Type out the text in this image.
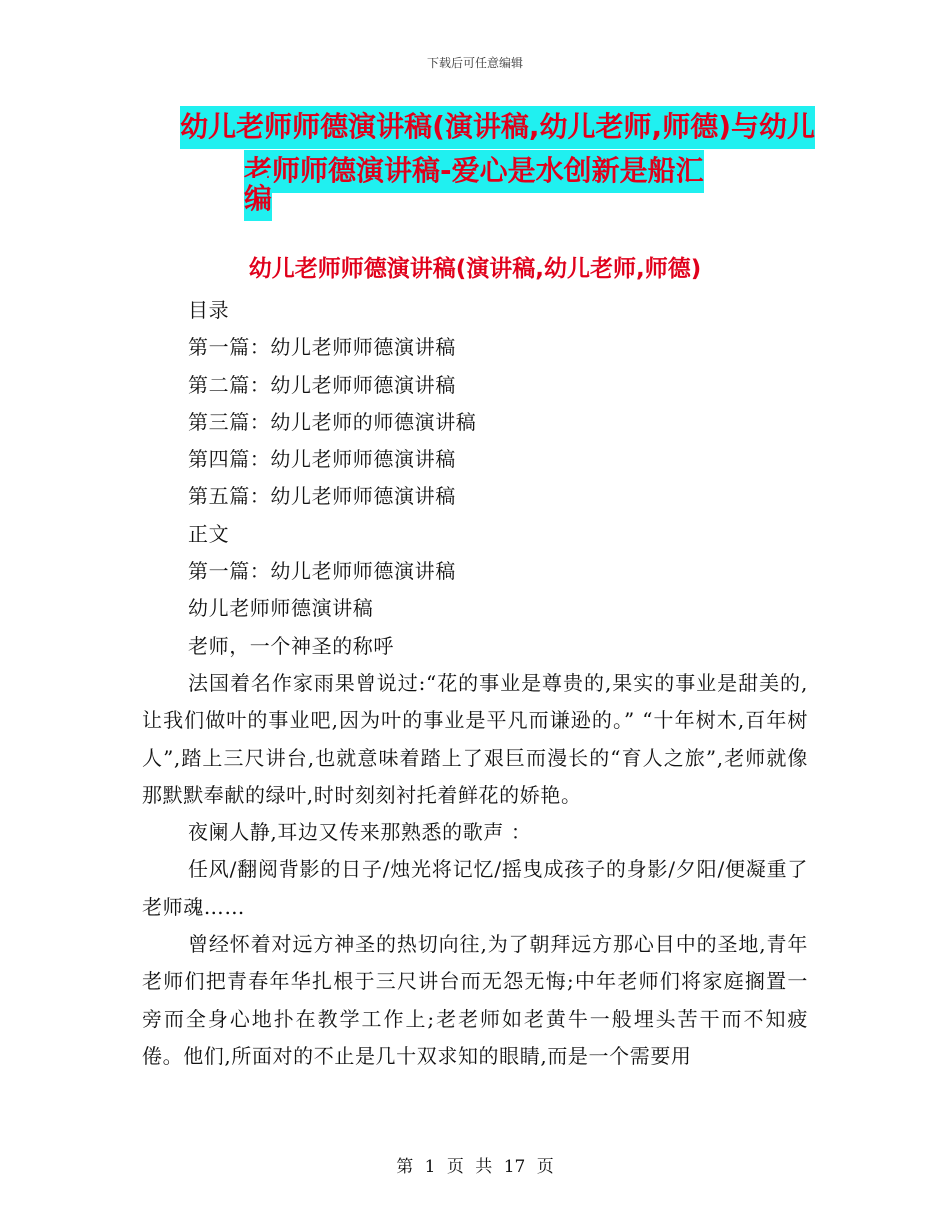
下载后可任意编辑
幼儿老师师德演讲稿(演讲稿,幼儿老师,师德)与幼儿
老师师德演讲稿-爱心是水创新是船汇编
幼儿老师师德演讲稿(演讲稿,幼儿老师,师德)
目录
第一篇：幼儿老师师德演讲稿
第二篇：幼儿老师师德演讲稿
第三篇：幼儿老师的师德演讲稿
第四篇：幼儿老师师德演讲稿
第五篇：幼儿老师师德演讲稿
正文
第一篇：幼儿老师师德演讲稿
幼儿老师师德演讲稿
老师，一个神圣的称呼

法国着名作家雨果曾说过:“花的事业是尊贵的,果实的事业是甜美的,让我们做叶的事业吧,因为叶的事业是平凡而谦逊的。” “十年树木,百年树人”,踏上三尺讲台,也就意味着踏上了艰巨而漫长的“育人之旅”,老师就像那默默奉献的绿叶,时时刻刻衬托着鲜花的娇艳。

夜阑人静,耳边又传来那熟悉的歌声 ：

任风/翻阅背影的日子/烛光将记忆/摇曳成孩子的身影/夕阳/便凝重了老师魂……

曾经怀着对远方神圣的热切向往,为了朝拜远方那心目中的圣地,青年老师们把青春年华扎根于三尺讲台而无怨无悔;中年老师们将家庭搁置一旁而全身心地扑在教学工作上;老老师如老黄牛一般埋头苦干而不知疲倦。他们,所面对的不止是几十双求知的眼睛,而是一个需要用

第 1 页 共 17 页
